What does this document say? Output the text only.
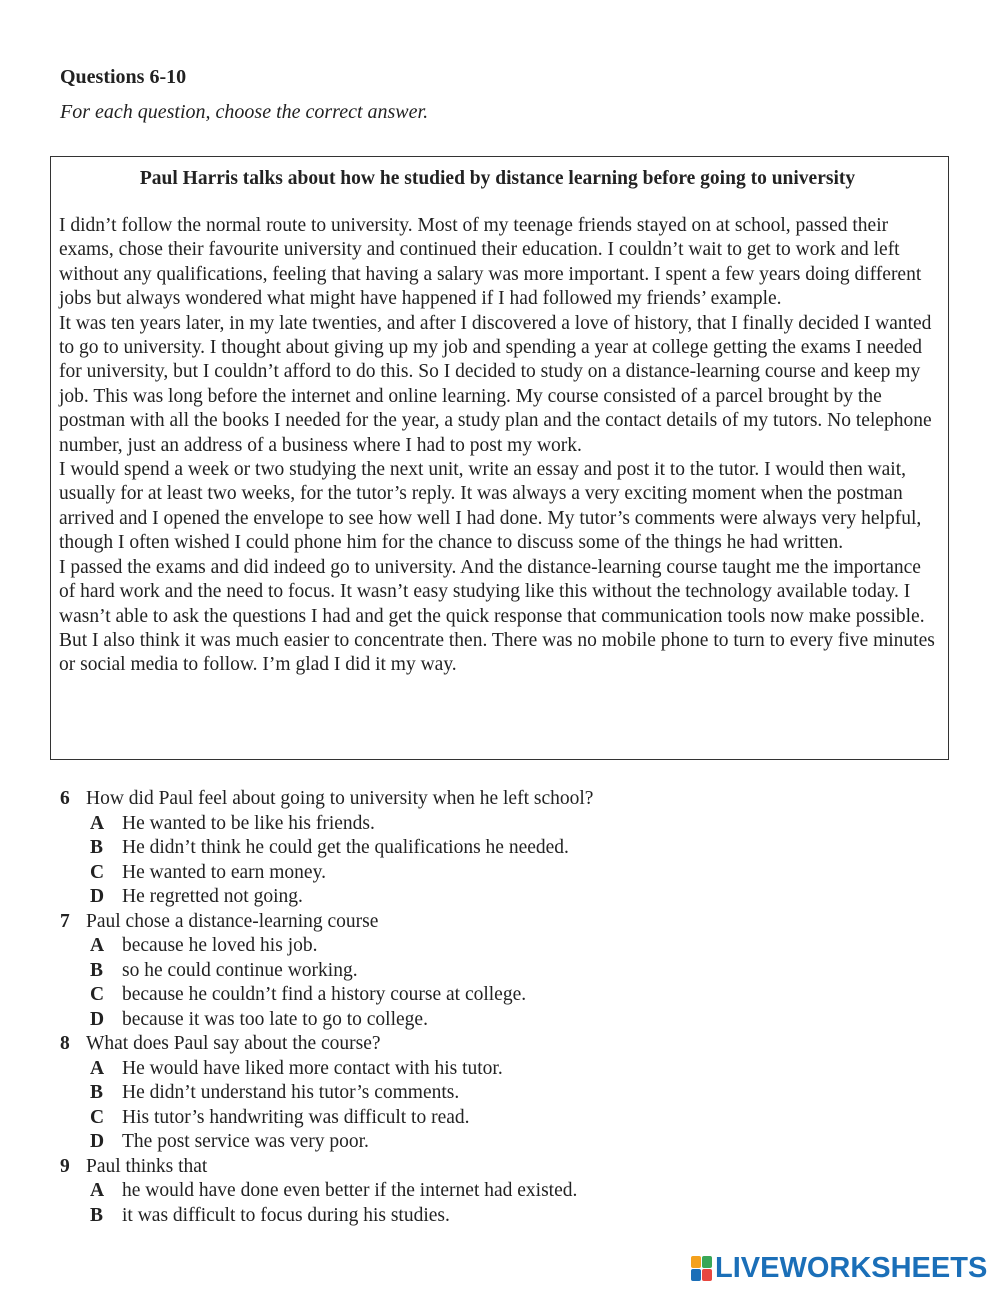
Questions 6-10
For each question, choose the correct answer.

Paul Harris talks about how he studied by distance learning before going to university

I didn’t follow the normal route to university. Most of my teenage friends stayed on at school, passed their exams, chose their favourite university and continued their education. I couldn’t wait to get to work and left without any qualifications, feeling that having a salary was more important. I spent a few years doing different jobs but always wondered what might have happened if I had followed my friends’ example.

It was ten years later, in my late twenties, and after I discovered a love of history, that I finally decided I wanted to go to university. I thought about giving up my job and spending a year at college getting the exams I needed for university, but I couldn’t afford to do this. So I decided to study on a distance-learning course and keep my job. This was long before the internet and online learning. My course consisted of a parcel brought by the postman with all the books I needed for the year, a study plan and the contact details of my tutors. No telephone number, just an address of a business where I had to post my work.

I would spend a week or two studying the next unit, write an essay and post it to the tutor. I would then wait, usually for at least two weeks, for the tutor’s reply. It was always a very exciting moment when the postman arrived and I opened the envelope to see how well I had done. My tutor’s comments were always very helpful, though I often wished I could phone him for the chance to discuss some of the things he had written.

I passed the exams and did indeed go to university. And the distance-learning course taught me the importance of hard work and the need to focus. It wasn’t easy studying like this without the technology available today. I wasn’t able to ask the questions I had and get the quick response that communication tools now make possible. But I also think it was much easier to concentrate then. There was no mobile phone to turn to every five minutes or social media to follow. I’m glad I did it my way.

6 How did Paul feel about going to university when he left school?
A He wanted to be like his friends.
B He didn’t think he could get the qualifications he needed.
C He wanted to earn money.
D He regretted not going.
7 Paul chose a distance-learning course
A because he loved his job.
B so he could continue working.
C because he couldn’t find a history course at college.
D because it was too late to go to college.
8 What does Paul say about the course?
A He would have liked more contact with his tutor.
B He didn’t understand his tutor’s comments.
C His tutor’s handwriting was difficult to read.
D The post service was very poor.
9 Paul thinks that
A he would have done even better if the internet had existed.
B it was difficult to focus during his studies.
LIVEWORKSHEETS
